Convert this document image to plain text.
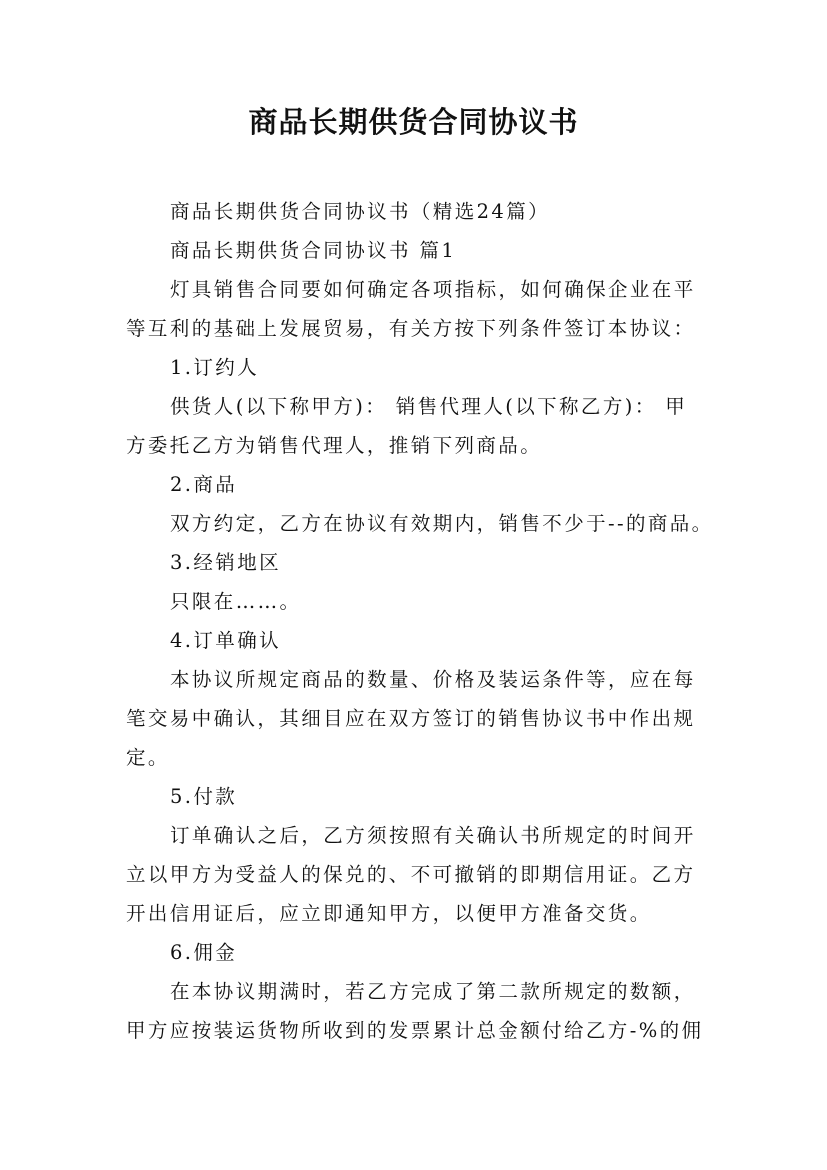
商品长期供货合同协议书
商品长期供货合同协议书（精选24篇）
商品长期供货合同协议书 篇1
灯具销售合同要如何确定各项指标，如何确保企业在平
等互利的基础上发展贸易，有关方按下列条件签订本协议：
1.订约人
供货人(以下称甲方)： 销售代理人(以下称乙方)： 甲
方委托乙方为销售代理人，推销下列商品。
2.商品
双方约定，乙方在协议有效期内，销售不少于--的商品。
3.经销地区
只限在……。
4.订单确认
本协议所规定商品的数量、价格及装运条件等，应在每
笔交易中确认，其细目应在双方签订的销售协议书中作出规
定。
5.付款
订单确认之后，乙方须按照有关确认书所规定的时间开
立以甲方为受益人的保兑的、不可撤销的即期信用证。乙方
开出信用证后，应立即通知甲方，以便甲方准备交货。
6.佣金
在本协议期满时，若乙方完成了第二款所规定的数额，
甲方应按装运货物所收到的发票累计总金额付给乙方-%的佣
